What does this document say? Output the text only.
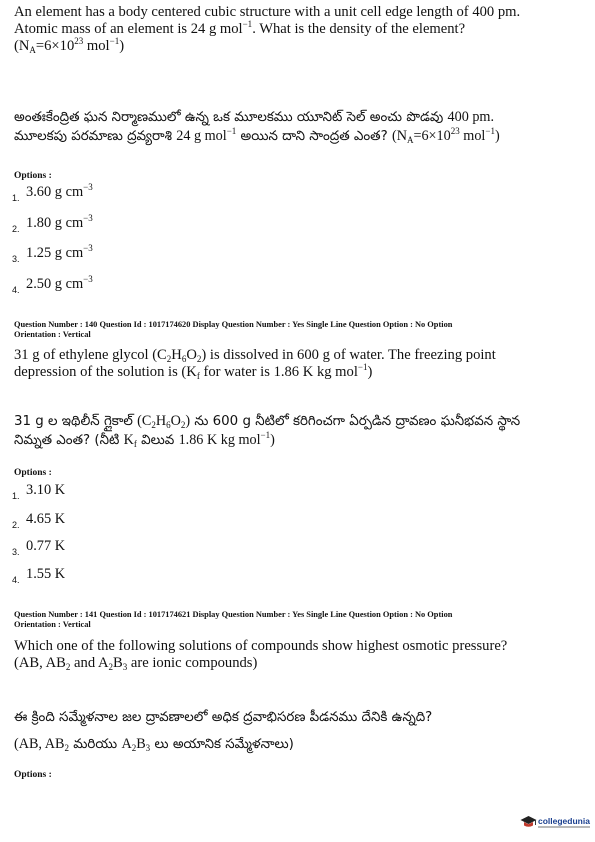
An element has a body centered cubic structure with a unit cell edge length of 400 pm.
Atomic mass of an element is 24 g mol$^{-1}$. What is the density of the element?
($N_A=6\times 10^{23}$ mol$^{-1}$)
అంతఃకేంద్రిత ఘన నిర్మాణములో ఉన్న ఒక మూలకము యూనిట్ సెల్ అంచు పొడవు 400 pm.
మూలకపు పరమాణు ద్రవ్యరాశి 24 g mol$^{-1}$ అయిన దాని సాంద్రత ఎంత? ($N_A=6\times 10^{23}$ mol$^{-1}$)
Options :
1. 3.60 g $cm^{-3}$
2. 1.80 g $cm^{-3}$
3. 1.25 g $cm^{-3}$
4. 2.50 g $cm^{-3}$
Question Number : 140 Question Id : 1017174620 Display Question Number : Yes Single Line Question Option : No Option
Orientation : Vertical
31 g of ethylene glycol $(C_2H_6O_2)$ is dissolved in 600 g of water. The freezing point
depression of the solution is ($K_f$ for water is 1.86 K kg mol$^{-1}$)
31 g ల ఇథిలీన్ గ్లైకాల్ $(C_2H_6O_2)$ ను 600 g నీటిలో కరిగించగా ఏర్పడిన ద్రావణం ఘనీభవన స్థాన
నిమ్నత ఎంత? (నీటి $K_f$ విలువ 1.86 K kg mol$^{-1}$)
Options :
1. 3.10 K
2. 4.65 K
3. 0.77 K
4. 1.55 K
Question Number : 141 Question Id : 1017174621 Display Question Number : Yes Single Line Question Option : No Option
Orientation : Vertical
Which one of the following solutions of compounds show highest osmotic pressure?
(AB, $AB_2$ and $A_2B_3$ are ionic compounds)
ఈ క్రింది సమ్మేళనాల జల ద్రావణాలలో అధిక ద్రవాభిసరణ పీడనము దేనికి ఉన్నది?
(AB, $AB_2$ మరియు $A_2B_3$ లు అయానిక సమ్మేళనాలు)
Options :
collegedunia
